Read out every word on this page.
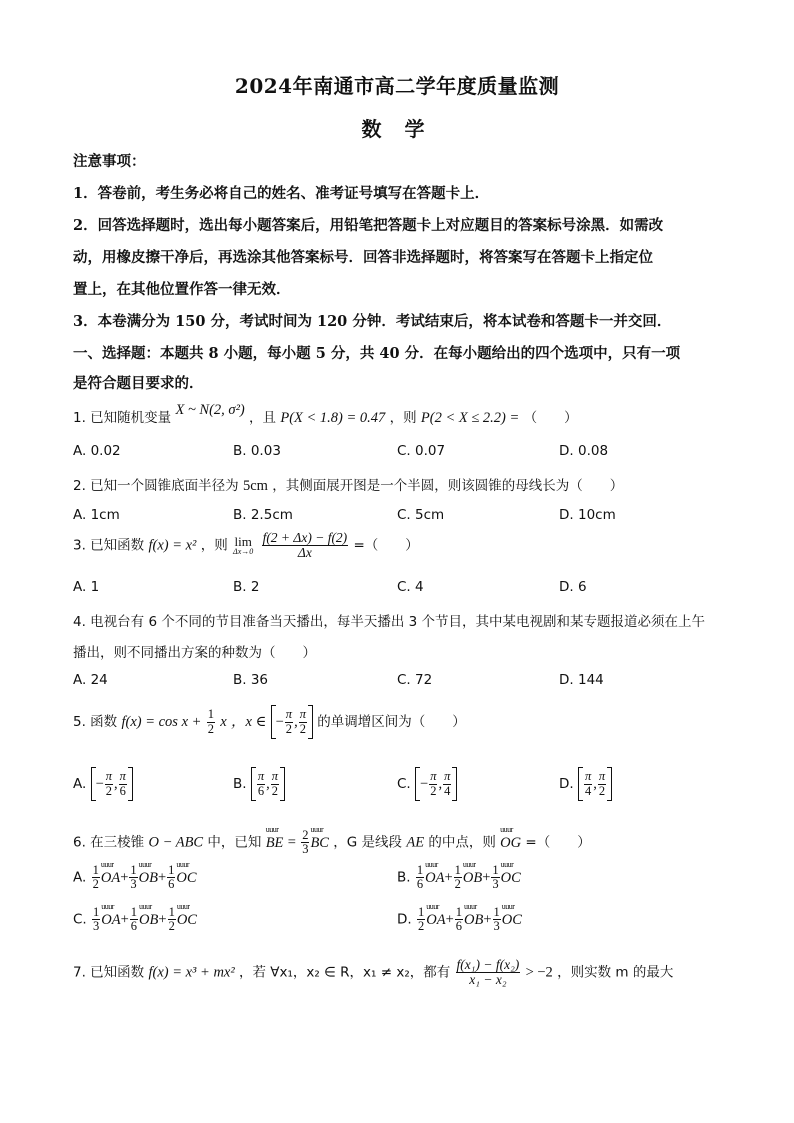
2024年南通市高二学年度质量监测
数 学
注意事项：
1．答卷前，考生务必将自己的姓名、准考证号填写在答题卡上．
2．回答选择题时，选出每小题答案后，用铅笔把答题卡上对应题目的答案标号涂黑．如需改
动，用橡皮擦干净后，再选涂其他答案标号．回答非选择题时，将答案写在答题卡上指定位
置上，在其他位置作答一律无效．
3．本卷满分为 150 分，考试时间为 120 分钟．考试结束后，将本试卷和答题卡一并交回．
一、选择题：本题共 8 小题，每小题 5 分，共 40 分．在每小题给出的四个选项中，只有一项
是符合题目要求的．
1. 已知随机变量 X ~ N(2, σ²) ，且 P(X < 1.8) = 0.47 ，则 P(2 < X ≤ 2.2) = （　　）
A. 0.02	B. 0.03	C. 0.07	D. 0.08
2. 已知一个圆锥底面半径为 5cm ，其侧面展开图是一个半圆，则该圆锥的母线长为（　　）
A. 1cm	B. 2.5cm	C. 5cm	D. 10cm
3. 已知函数 f(x) = x² ，则 lim
Δx→0
$\frac{f(2 + \Delta x) - f(2)}{\Delta x}$ =（　　）
A. 1	B. 2	C. 4	D. 6
4. 电视台有 6 个不同的节目准备当天播出，每半天播出 3 个节目，其中某电视剧和某专题报道必须在上午
播出，则不同播出方案的种数为（　　）
A. 24	B. 36	C. 72	D. 144
5. 函数 $f(x) = \cos x + \frac{1}{2}$ x ，x ∈ − $\frac{\pi}{2}$ , $\frac{\pi}{2}$ 的单调增区间为（　　）
A. − $\frac{\pi}{2}$ , $\frac{\pi}{6}$	B. $\frac{\pi}{6}$ , $\frac{\pi}{2}$	C. − $\frac{\pi}{2}$ , $\frac{\pi}{4}$	D. $\frac{\pi}{4}$ , $\frac{\pi}{2}$
6. 在三棱锥 O − ABC 中，已知 uuur BE = $\frac{2}{3}$ uuur BC ，G 是线段 AE 的中点，则 uuur OG =（　　）
A. $\frac{1}{2}$ uuur $OA+ \frac{1}{3}$ uuur $OB+ \frac{1}{6}$ uuur OC	B. $\frac{1}{6}$ uuur $OA+ \frac{1}{2}$ uuur $OB+ \frac{1}{3}$ uuur OC
C. $\frac{1}{3}$ uuur $OA+ \frac{1}{6}$ uuur $OB+ \frac{1}{2}$ uuur OC	D. $\frac{1}{2}$ uuur $OA+ \frac{1}{6}$ uuur $OB+ \frac{1}{3}$ uuur OC
7. 已知函数 f(x) = x³ + mx² ，若 ∀x₁，x₂ ∈ R，x₁ ≠ x₂，都有 $\frac{\text{f(x₁) − f(x₂)}}{\text{x₁ − x₂}} > -2$ ，则实数 m 的最大
